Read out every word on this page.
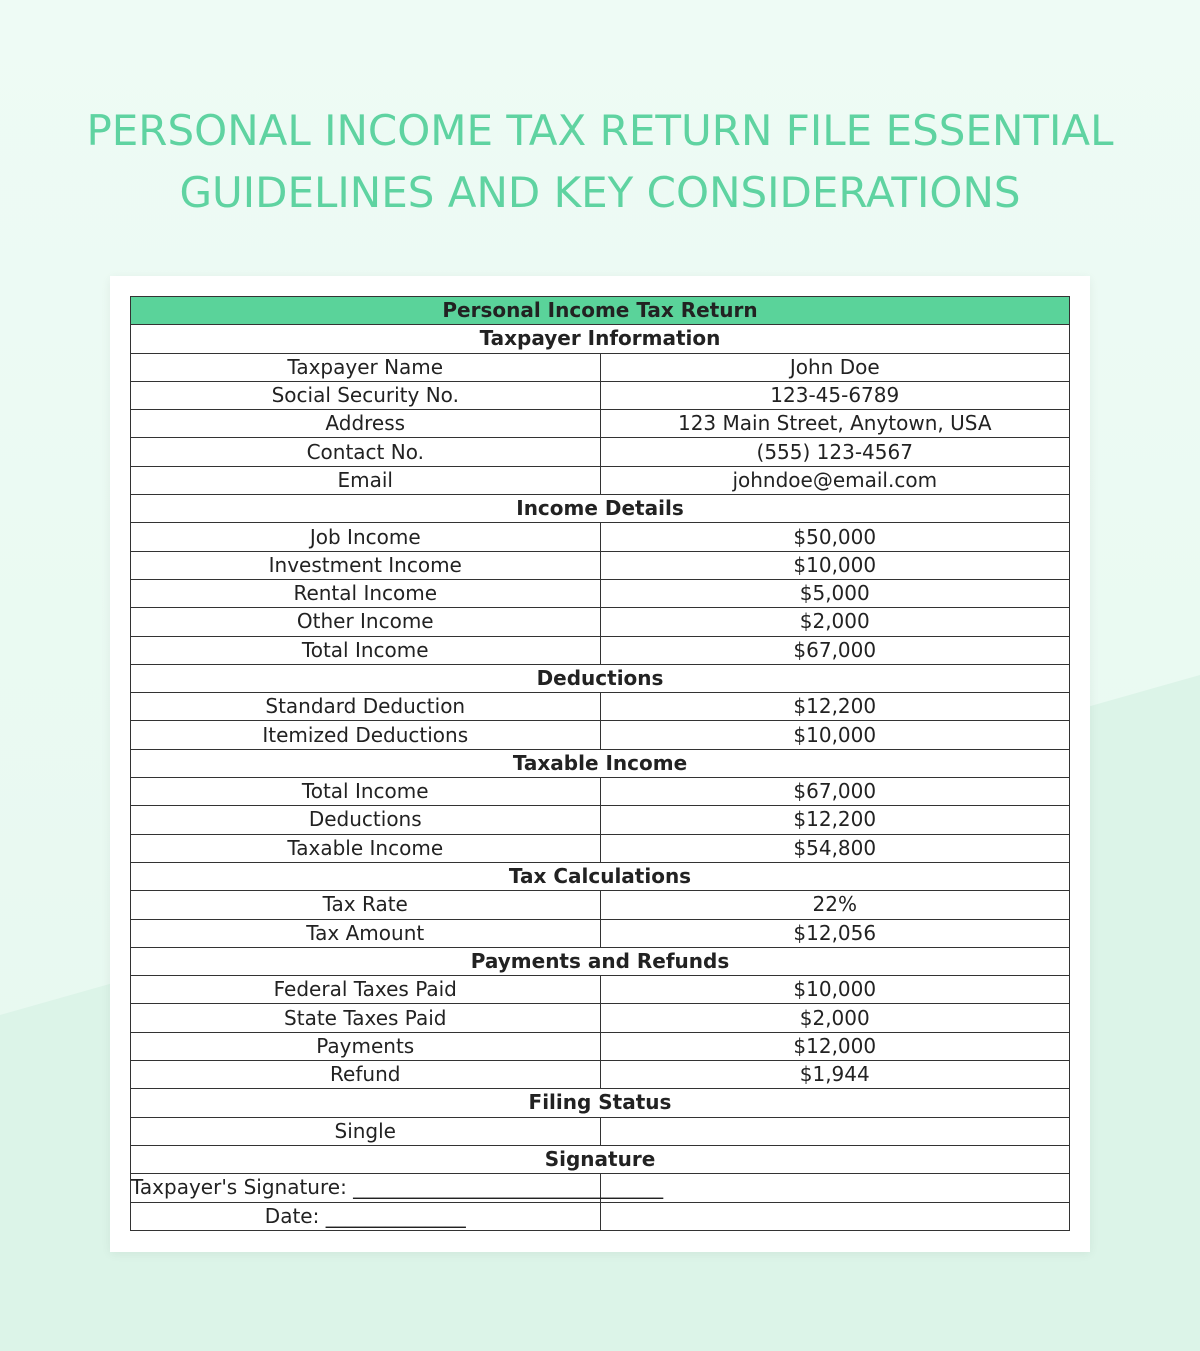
PERSONAL INCOME TAX RETURN FILE ESSENTIAL
GUIDELINES AND KEY CONSIDERATIONS
Personal Income Tax Return	
Taxpayer Information	
Taxpayer Name	John Doe
Social Security No.	123-45-6789
Address	123 Main Street, Anytown, USA
Contact No.	(555) 123-4567
Email	johndoe@email.com
Income Details	
Job Income	$50,000
Investment Income	$10,000
Rental Income	$5,000
Other Income	$2,000
Total Income	$67,000
Deductions	
Standard Deduction	$12,200
Itemized Deductions	$10,000
Taxable Income	
Total Income	$67,000
Deductions	$12,200
Taxable Income	$54,800
Tax Calculations	
Tax Rate	22%
Tax Amount	$12,056
Payments and Refunds	
Federal Taxes Paid	$10,000
State Taxes Paid	$2,000
Payments	$12,000
Refund	$1,944
Filing Status	
Single	
Signature	
Taxpayer's Signature: _______________________________	
Date: ______________	
